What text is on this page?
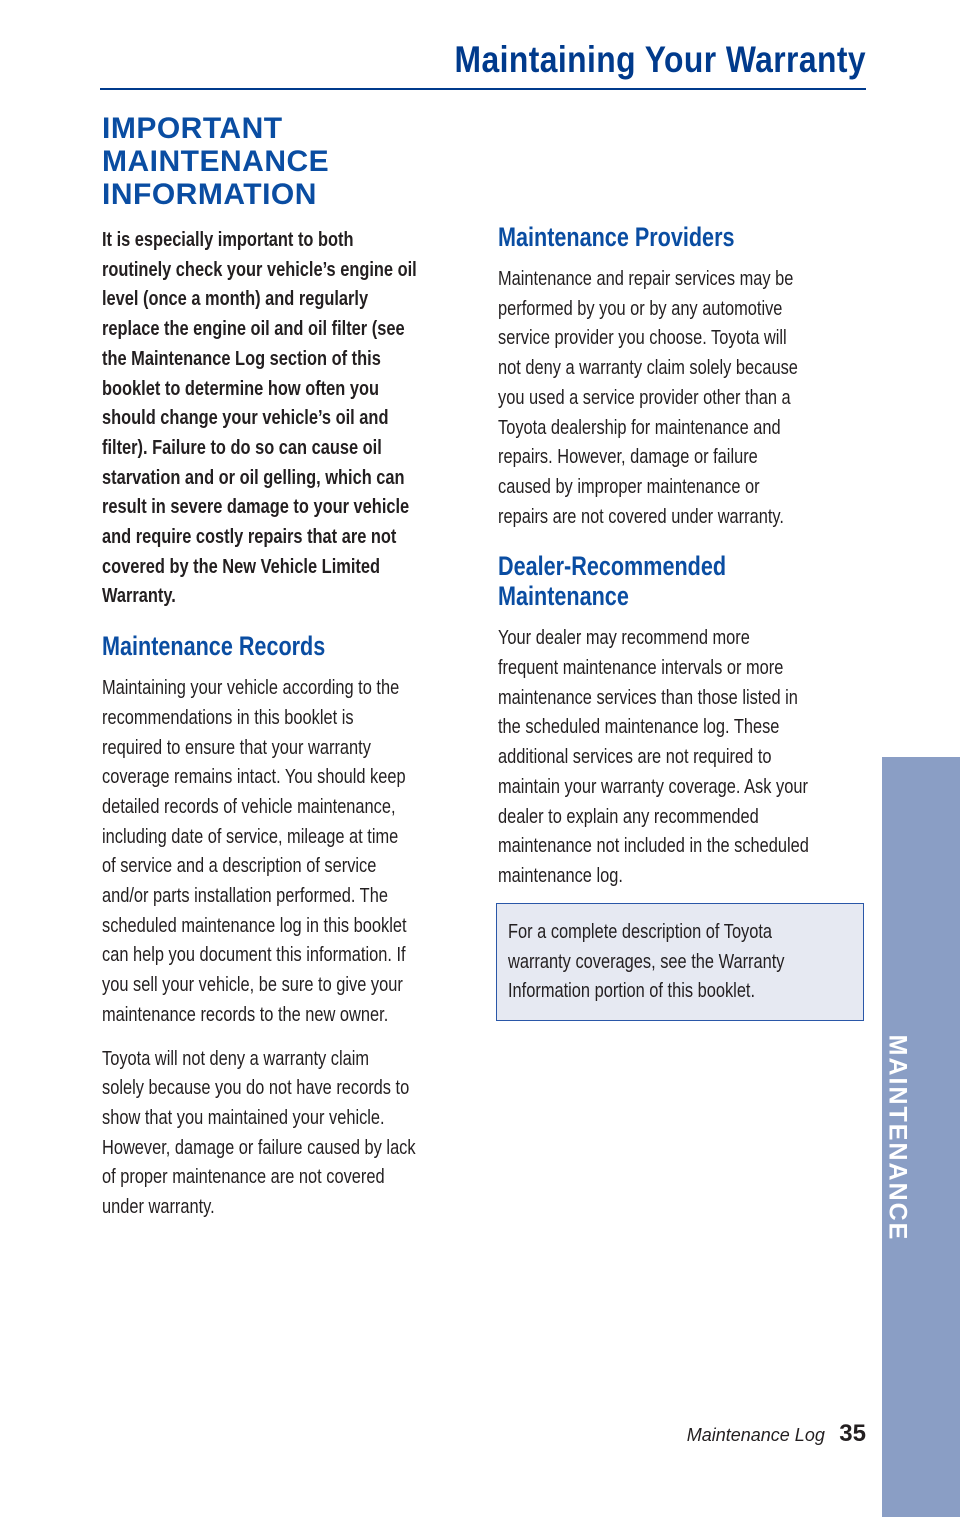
Maintaining Your Warranty
IMPORTANT
MAINTENANCE
INFORMATION

It is especially important to both
routinely check your vehicle’s engine oil
level (once a month) and regularly
replace the engine oil and oil filter (see
the Maintenance Log section of this
booklet to determine how often you
should change your vehicle’s oil and
filter). Failure to do so can cause oil
starvation and or oil gelling, which can
result in severe damage to your vehicle
and require costly repairs that are not
covered by the New Vehicle Limited
Warranty.

Maintenance Records

Maintaining your vehicle according to the
recommendations in this booklet is
required to ensure that your warranty
coverage remains intact. You should keep
detailed records of vehicle maintenance,
including date of service, mileage at time
of service and a description of service
and/or parts installation performed. The
scheduled maintenance log in this booklet
can help you document this information. If
you sell your vehicle, be sure to give your
maintenance records to the new owner.

Toyota will not deny a warranty claim
solely because you do not have records to
show that you maintained your vehicle.
However, damage or failure caused by lack
of proper maintenance are not covered
under warranty.

Maintenance Providers

Maintenance and repair services may be
performed by you or by any automotive
service provider you choose. Toyota will
not deny a warranty claim solely because
you used a service provider other than a
Toyota dealership for maintenance and
repairs. However, damage or failure
caused by improper maintenance or
repairs are not covered under warranty.

Dealer-Recommended
Maintenance

Your dealer may recommend more
frequent maintenance intervals or more
maintenance services than those listed in
the scheduled maintenance log. These
additional services are not required to
maintain your warranty coverage. Ask your
dealer to explain any recommended
maintenance not included in the scheduled
maintenance log.

For a complete description of Toyota
warranty coverages, see the Warranty
Information portion of this booklet.

MAINTENANCE
Maintenance Log 35
